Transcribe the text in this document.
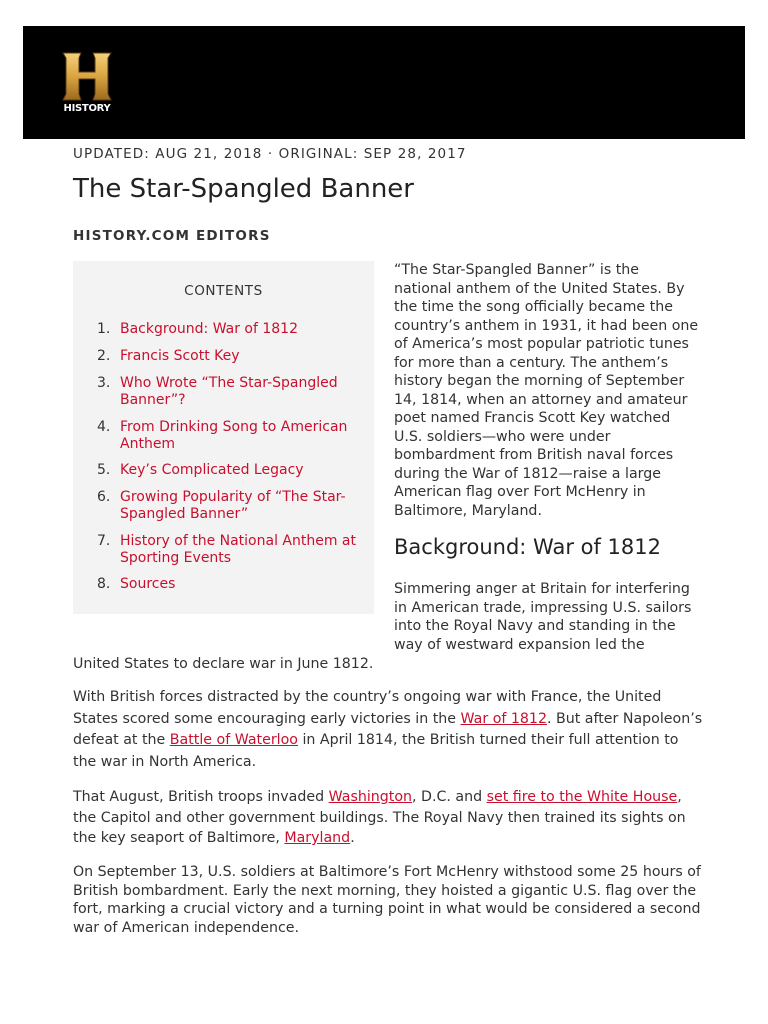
HISTORY
UPDATED: AUG 21, 2018 · ORIGINAL: SEP 28, 2017
The Star-Spangled Banner
HISTORY.COM EDITORS
CONTENTS
1. Background: War of 1812
2. Francis Scott Key
3. Who Wrote “The Star-Spangled Banner”?
4. From Drinking Song to American Anthem
5. Key’s Complicated Legacy
6. Growing Popularity of “The Star-Spangled Banner”
7. History of the National Anthem at Sporting Events
8. Sources
“The Star-Spangled Banner” is the national anthem of the United States. By the time the song officially became the country’s anthem in 1931, it had been one of America’s most popular patriotic tunes for more than a century. The anthem’s history began the morning of September 14, 1814, when an attorney and amateur poet named Francis Scott Key watched U.S. soldiers—who were under bombardment from British naval forces during the War of 1812—raise a large American flag over Fort McHenry in Baltimore, Maryland.
Background: War of 1812
Simmering anger at Britain for interfering in American trade, impressing U.S. sailors into the Royal Navy and standing in the way of westward expansion led the
United States to declare war in June 1812.
With British forces distracted by the country’s ongoing war with France, the United States scored some encouraging early victories in the War of 1812. But after Napoleon’s defeat at the Battle of Waterloo in April 1814, the British turned their full attention to the war in North America.
That August, British troops invaded Washington, D.C. and set fire to the White House, the Capitol and other government buildings. The Royal Navy then trained its sights on the key seaport of Baltimore, Maryland.
On September 13, U.S. soldiers at Baltimore’s Fort McHenry withstood some 25 hours of British bombardment. Early the next morning, they hoisted a gigantic U.S. flag over the fort, marking a crucial victory and a turning point in what would be considered a second war of American independence.
